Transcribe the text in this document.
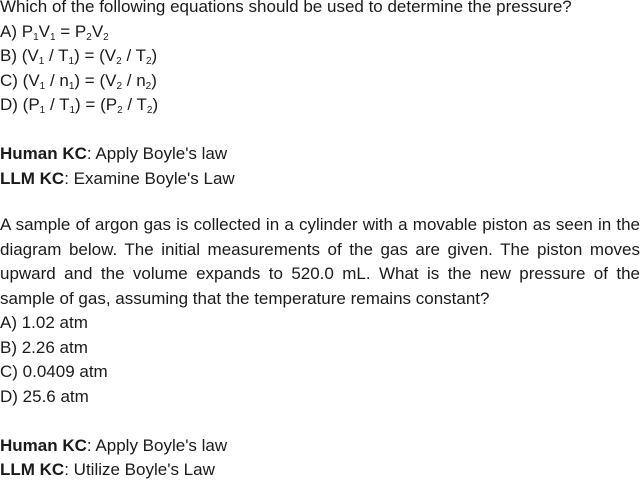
Which of the following equations should be used to determine the pressure?
A) $P_1V_1 = P_2V_2$
B) $(V_1 / T_1) = (V_2 / T_2)$
C) $(V_1 / n_1) = (V_2 / n_2)$
D) $(P_1 / T_1) = (P_2 / T_2)$
Human KC: Apply Boyle's law
LLM KC: Examine Boyle's Law
A sample of argon gas is collected in a cylinder with a movable piston as seen in the diagram below. The initial measurements of the gas are given. The piston moves upward and the volume expands to 520.0 mL. What is the new pressure of the sample of gas, assuming that the temperature remains constant?
A) 1.02 atm
B) 2.26 atm
C) 0.0409 atm
D) 25.6 atm
Human KC: Apply Boyle's law
LLM KC: Utilize Boyle's Law
